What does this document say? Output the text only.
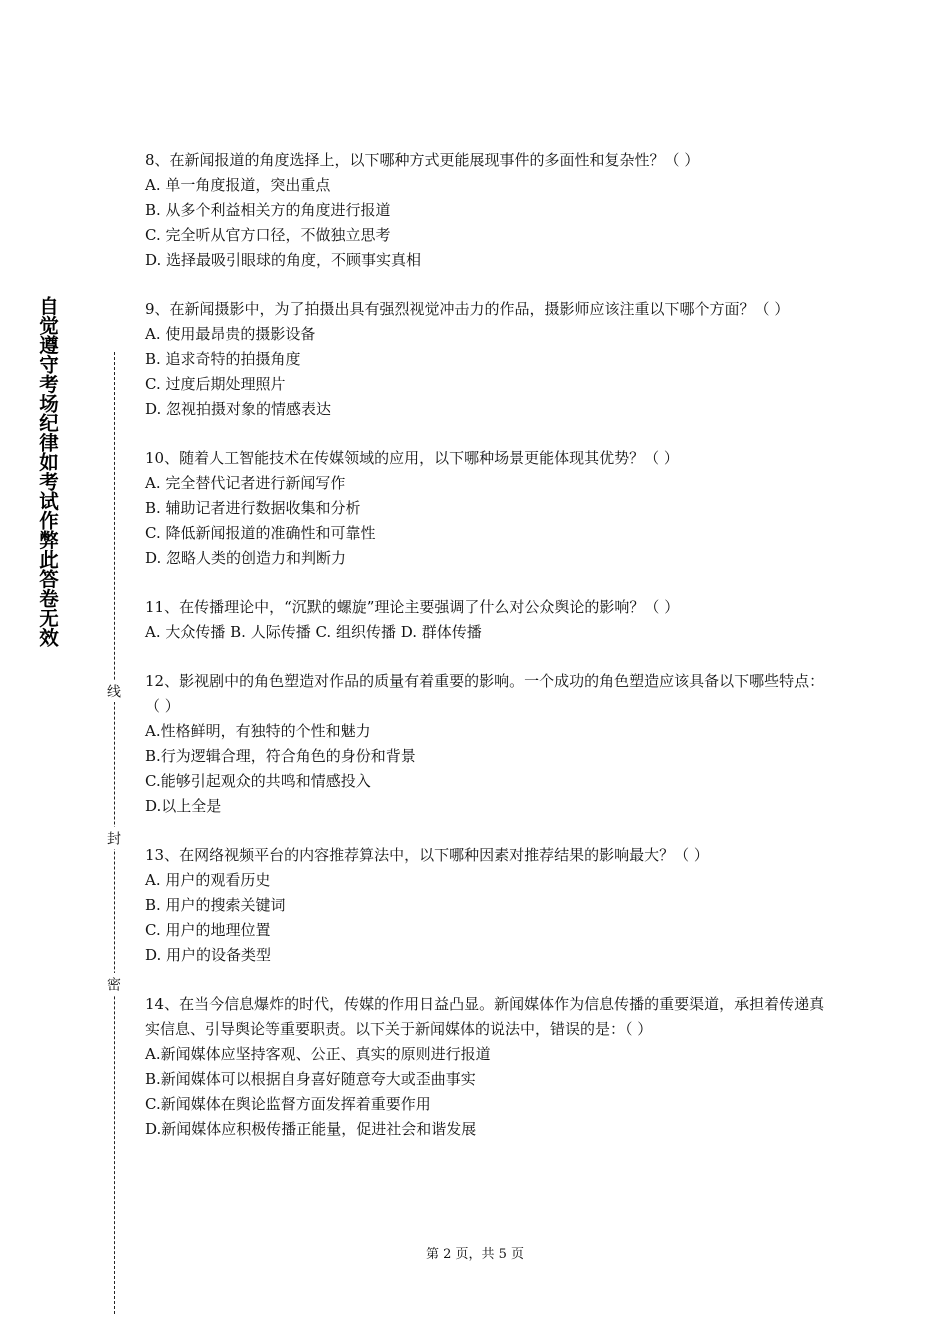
自觉遵守考场纪律如考试作弊此答卷无效
线
封
密

8、在新闻报道的角度选择上，以下哪种方式更能展现事件的多面性和复杂性？（ ）

A. 单一角度报道，突出重点

B. 从多个利益相关方的角度进行报道

C. 完全听从官方口径，不做独立思考

D. 选择最吸引眼球的角度，不顾事实真相

9、在新闻摄影中，为了拍摄出具有强烈视觉冲击力的作品，摄影师应该注重以下哪个方面？（ ）

A. 使用最昂贵的摄影设备

B. 追求奇特的拍摄角度

C. 过度后期处理照片

D. 忽视拍摄对象的情感表达

10、随着人工智能技术在传媒领域的应用，以下哪种场景更能体现其优势？（ ）

A. 完全替代记者进行新闻写作

B. 辅助记者进行数据收集和分析

C. 降低新闻报道的准确性和可靠性

D. 忽略人类的创造力和判断力

11、在传播理论中，“沉默的螺旋”理论主要强调了什么对公众舆论的影响？（ ）

A. 大众传播 B. 人际传播 C. 组织传播 D. 群体传播

12、影视剧中的角色塑造对作品的质量有着重要的影响。一个成功的角色塑造应该具备以下哪些特点：（ ）

A.性格鲜明，有独特的个性和魅力

B.行为逻辑合理，符合角色的身份和背景

C.能够引起观众的共鸣和情感投入

D.以上全是

13、在网络视频平台的内容推荐算法中，以下哪种因素对推荐结果的影响最大？（ ）

A. 用户的观看历史

B. 用户的搜索关键词

C. 用户的地理位置

D. 用户的设备类型

14、在当今信息爆炸的时代，传媒的作用日益凸显。新闻媒体作为信息传播的重要渠道，承担着传递真实信息、引导舆论等重要职责。以下关于新闻媒体的说法中，错误的是：（ ）

A.新闻媒体应坚持客观、公正、真实的原则进行报道

B.新闻媒体可以根据自身喜好随意夸大或歪曲事实

C.新闻媒体在舆论监督方面发挥着重要作用

D.新闻媒体应积极传播正能量，促进社会和谐发展

第 2 页，共 5 页
